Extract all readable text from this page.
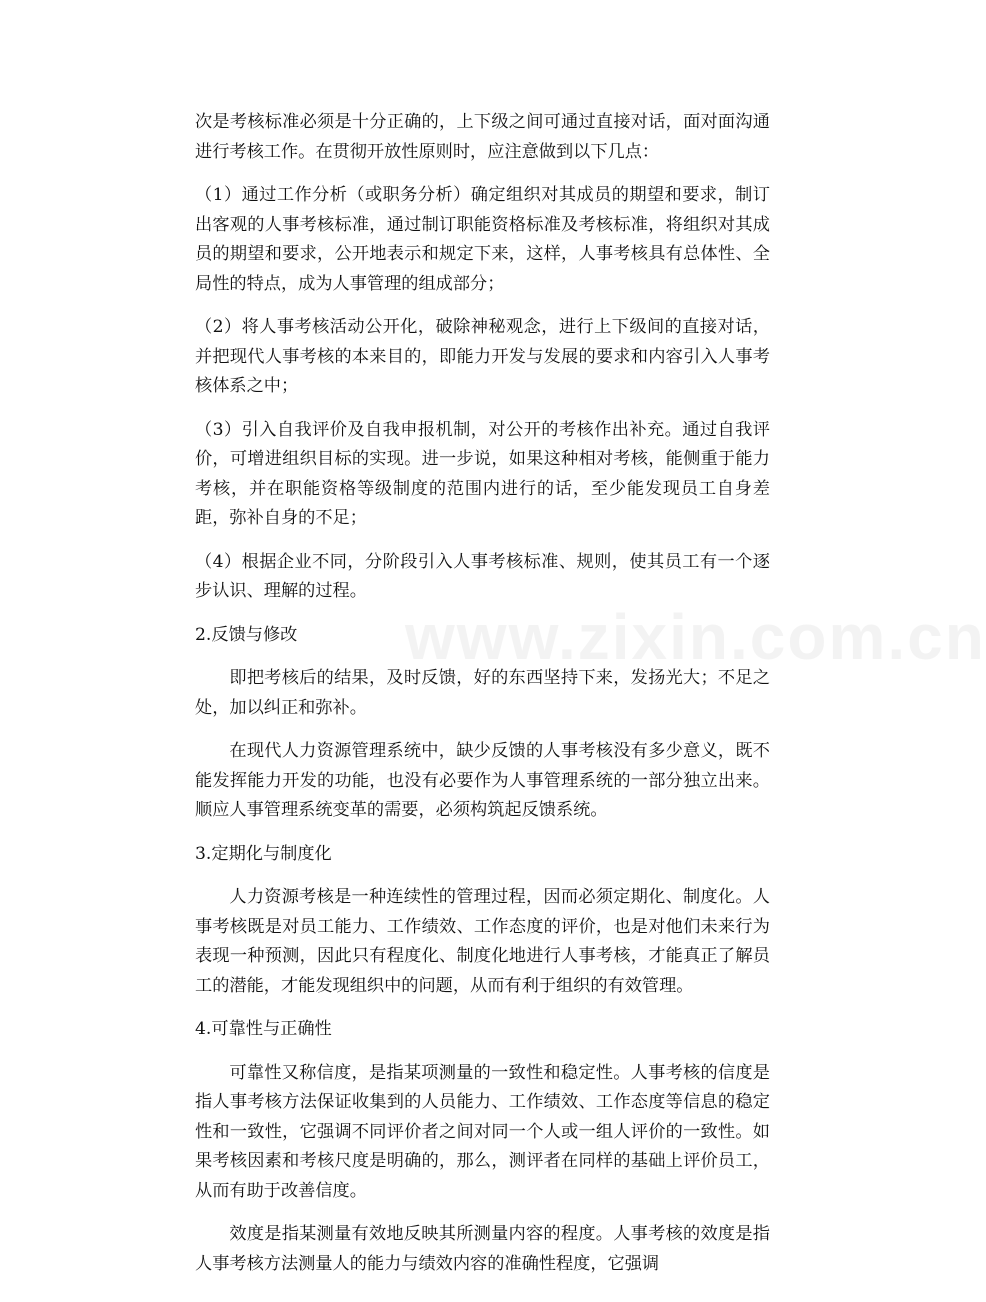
www.zixin.com.cn

次是考核标准必须是十分正确的，上下级之间可通过直接对话，面对面沟通进行考核工作。在贯彻开放性原则时，应注意做到以下几点：

（1）通过工作分析（或职务分析）确定组织对其成员的期望和要求，制订出客观的人事考核标准，通过制订职能资格标准及考核标准，将组织对其成员的期望和要求，公开地表示和规定下来，这样，人事考核具有总体性、全局性的特点，成为人事管理的组成部分；

（2）将人事考核活动公开化，破除神秘观念，进行上下级间的直接对话，并把现代人事考核的本来目的，即能力开发与发展的要求和内容引入人事考核体系之中；

（3）引入自我评价及自我申报机制，对公开的考核作出补充。通过自我评价，可增进组织目标的实现。进一步说，如果这种相对考核，能侧重于能力考核，并在职能资格等级制度的范围内进行的话，至少能发现员工自身差距，弥补自身的不足；

（4）根据企业不同，分阶段引入人事考核标准、规则，使其员工有一个逐步认识、理解的过程。

2.反馈与修改

即把考核后的结果，及时反馈，好的东西坚持下来，发扬光大；不足之处，加以纠正和弥补。

在现代人力资源管理系统中，缺少反馈的人事考核没有多少意义，既不能发挥能力开发的功能，也没有必要作为人事管理系统的一部分独立出来。顺应人事管理系统变革的需要，必须构筑起反馈系统。

3.定期化与制度化

人力资源考核是一种连续性的管理过程，因而必须定期化、制度化。人事考核既是对员工能力、工作绩效、工作态度的评价，也是对他们未来行为表现一种预测，因此只有程度化、制度化地进行人事考核，才能真正了解员工的潜能，才能发现组织中的问题，从而有利于组织的有效管理。

4.可靠性与正确性

可靠性又称信度，是指某项测量的一致性和稳定性。人事考核的信度是指人事考核方法保证收集到的人员能力、工作绩效、工作态度等信息的稳定性和一致性，它强调不同评价者之间对同一个人或一组人评价的一致性。如果考核因素和考核尺度是明确的，那么，测评者在同样的基础上评价员工，从而有助于改善信度。

效度是指某测量有效地反映其所测量内容的程度。人事考核的效度是指人事考核方法测量人的能力与绩效内容的准确性程度，它强调
